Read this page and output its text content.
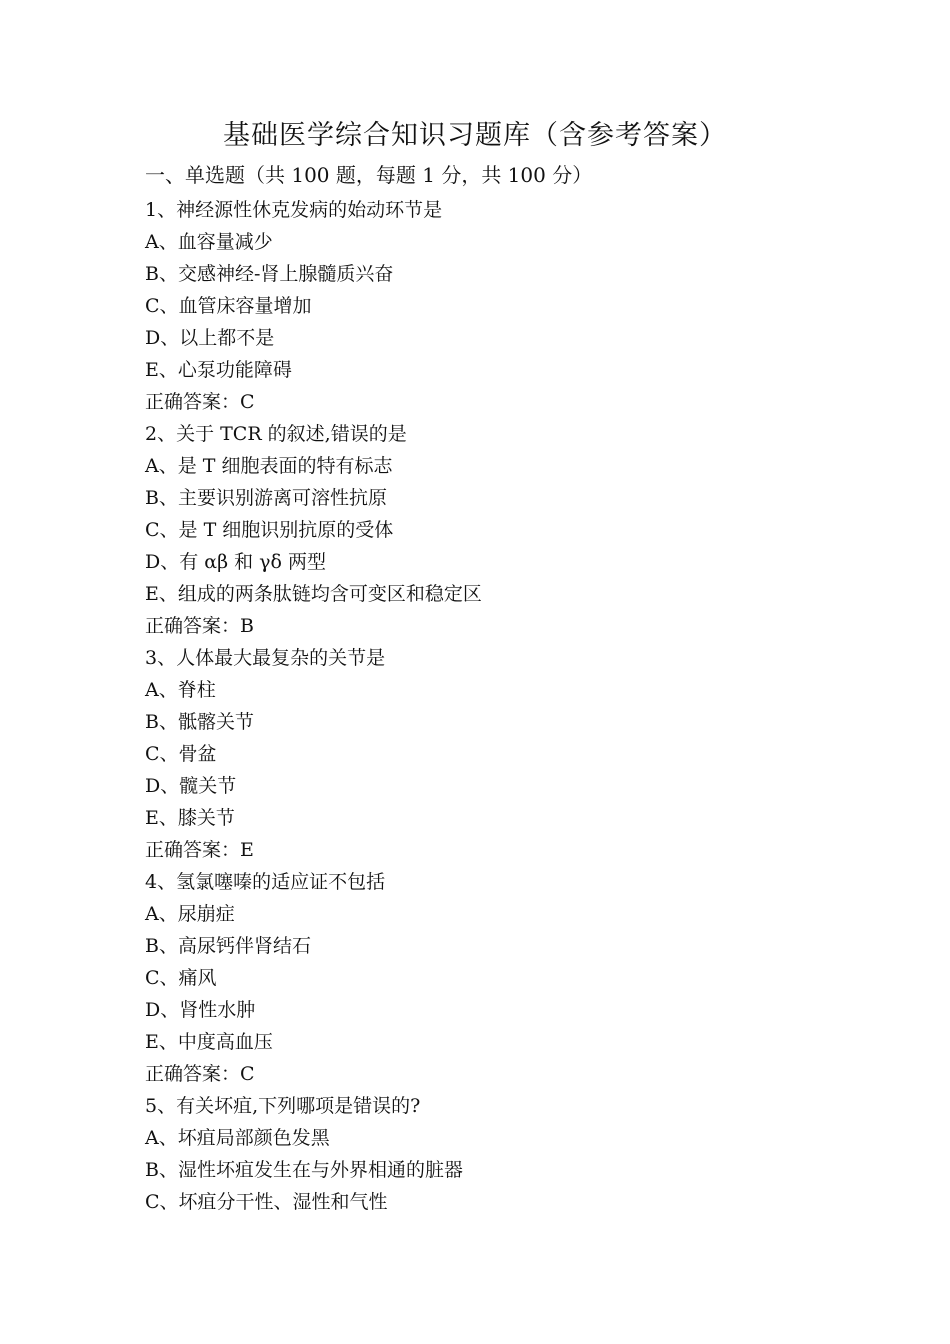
基础医学综合知识习题库（含参考答案）
一、单选题（共 100 题，每题 1 分，共 100 分）
1、神经源性休克发病的始动环节是
A、血容量减少
B、交感神经-肾上腺髓质兴奋
C、血管床容量增加
D、以上都不是
E、心泵功能障碍
正确答案：C
2、关于 TCR 的叙述,错误的是
A、是 T 细胞表面的特有标志
B、主要识别游离可溶性抗原
C、是 T 细胞识别抗原的受体
D、有 αβ 和 γδ 两型
E、组成的两条肽链均含可变区和稳定区
正确答案：B
3、人体最大最复杂的关节是
A、脊柱
B、骶髂关节
C、骨盆
D、髋关节
E、膝关节
正确答案：E
4、氢氯噻嗪的适应证不包括
A、尿崩症
B、高尿钙伴肾结石
C、痛风
D、肾性水肿
E、中度高血压
正确答案：C
5、有关坏疽,下列哪项是错误的?
A、坏疽局部颜色发黑
B、湿性坏疽发生在与外界相通的脏器
C、坏疽分干性、湿性和气性
